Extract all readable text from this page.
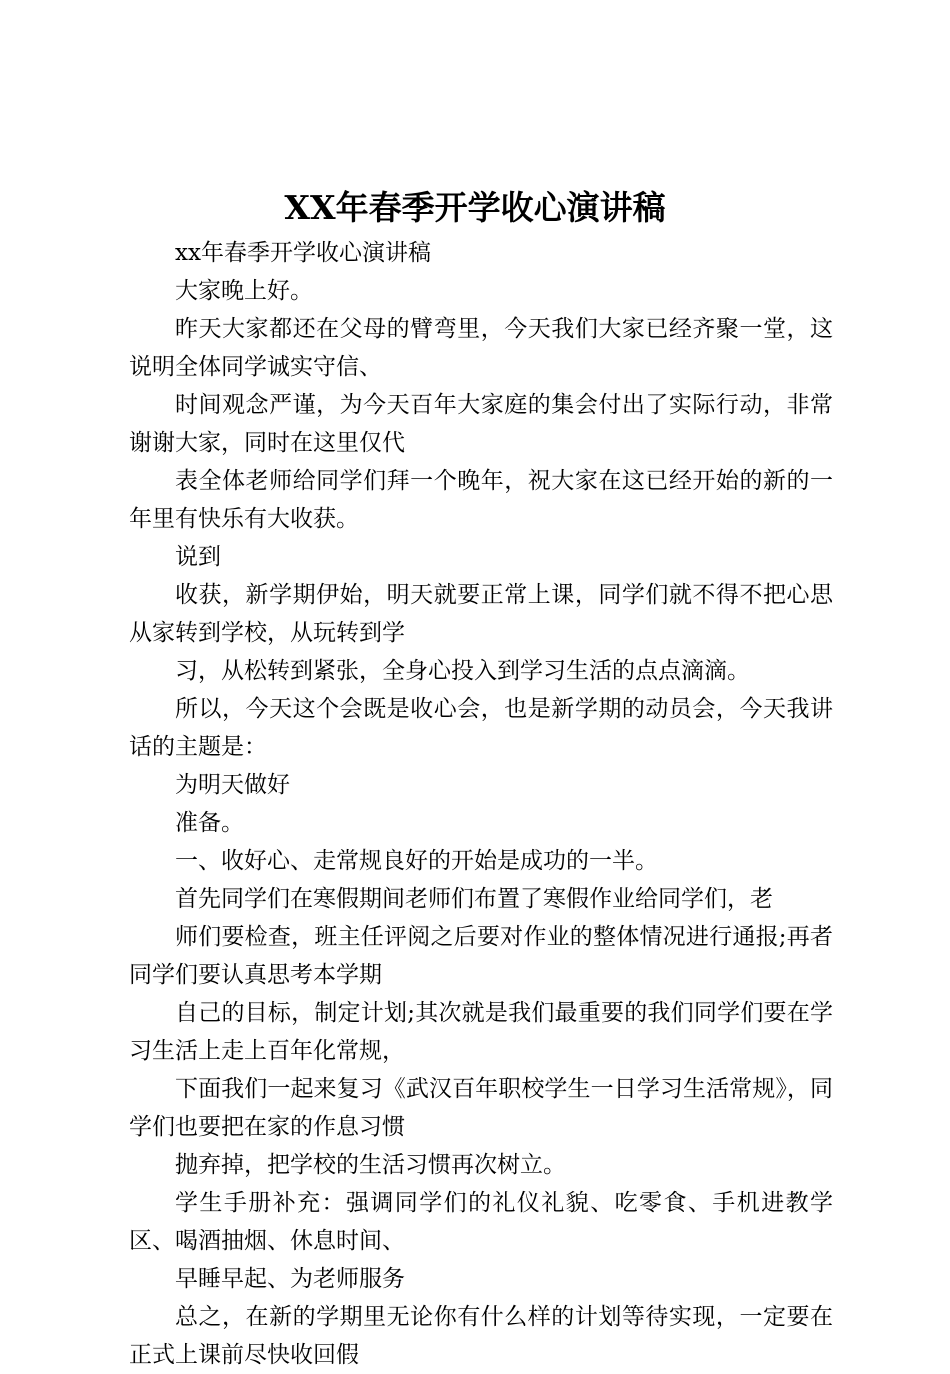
XX年春季开学收心演讲稿

xx年春季开学收心演讲稿

大家晚上好。

昨天大家都还在父母的臂弯里，今天我们大家已经齐聚一堂，这说明全体同学诚实守信、

时间观念严谨，为今天百年大家庭的集会付出了实际行动，非常谢谢大家，同时在这里仅代

表全体老师给同学们拜一个晚年，祝大家在这已经开始的新的一年里有快乐有大收获。

说到

收获，新学期伊始，明天就要正常上课，同学们就不得不把心思从家转到学校，从玩转到学

习，从松转到紧张，全身心投入到学习生活的点点滴滴。

所以，今天这个会既是收心会，也是新学期的动员会，今天我讲话的主题是：

为明天做好

准备。

一、收好心、走常规良好的开始是成功的一半。

首先同学们在寒假期间老师们布置了寒假作业给同学们，老

师们要检查，班主任评阅之后要对作业的整体情况进行通报;再者同学们要认真思考本学期

自己的目标，制定计划;其次就是我们最重要的我们同学们要在学习生活上走上百年化常规，

下面我们一起来复习《武汉百年职校学生一日学习生活常规》，同学们也要把在家的作息习惯

抛弃掉，把学校的生活习惯再次树立。

学生手册补充：强调同学们的礼仪礼貌、吃零食、手机进教学区、喝酒抽烟、休息时间、

早睡早起、为老师服务

总之，在新的学期里无论你有什么样的计划等待实现，一定要在正式上课前尽快收回假
